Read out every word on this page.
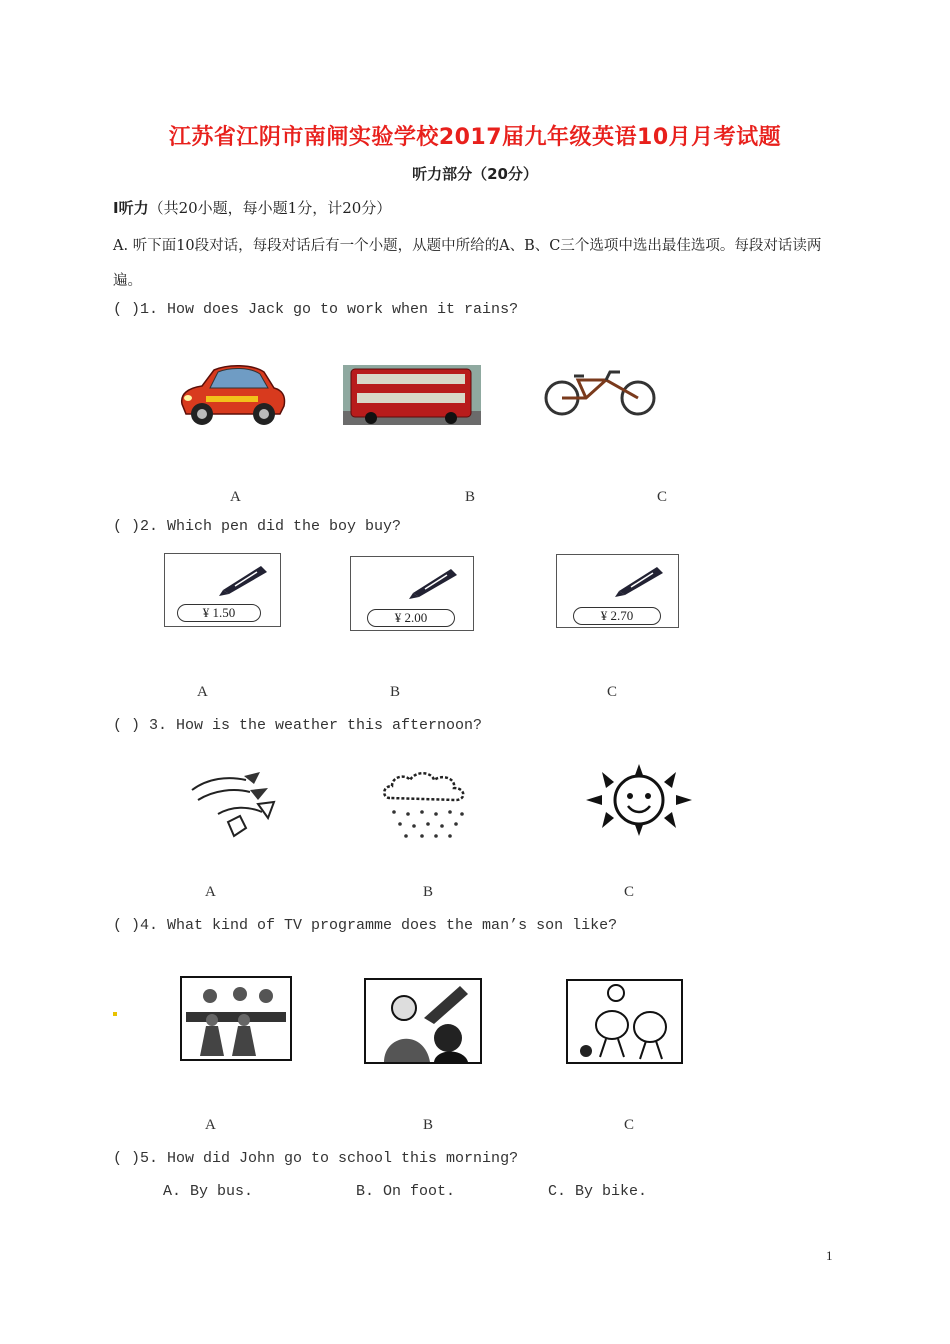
江苏省江阴市南闸实验学校2017届九年级英语10月月考试题
听力部分（20分）
I听力（共20小题，每小题1分，计20分）
A. 听下面10段对话，每段对话后有一个小题，从题中所给的A、B、C三个选项中选出最佳选项。每段对话读两遍。
( )1. How does Jack go to work when it rains?
A	B	C
( )2. Which pen did the boy buy?
¥ 1.50	¥ 2.00	¥ 2.70
A	B	C
( ) 3. How is the weather this afternoon?
A	B	C
( )4. What kind of TV programme does the man’s son like?
A	B	C
( )5. How did John go to school this morning?
A. By bus.	B. On foot.	C. By bike.
1
